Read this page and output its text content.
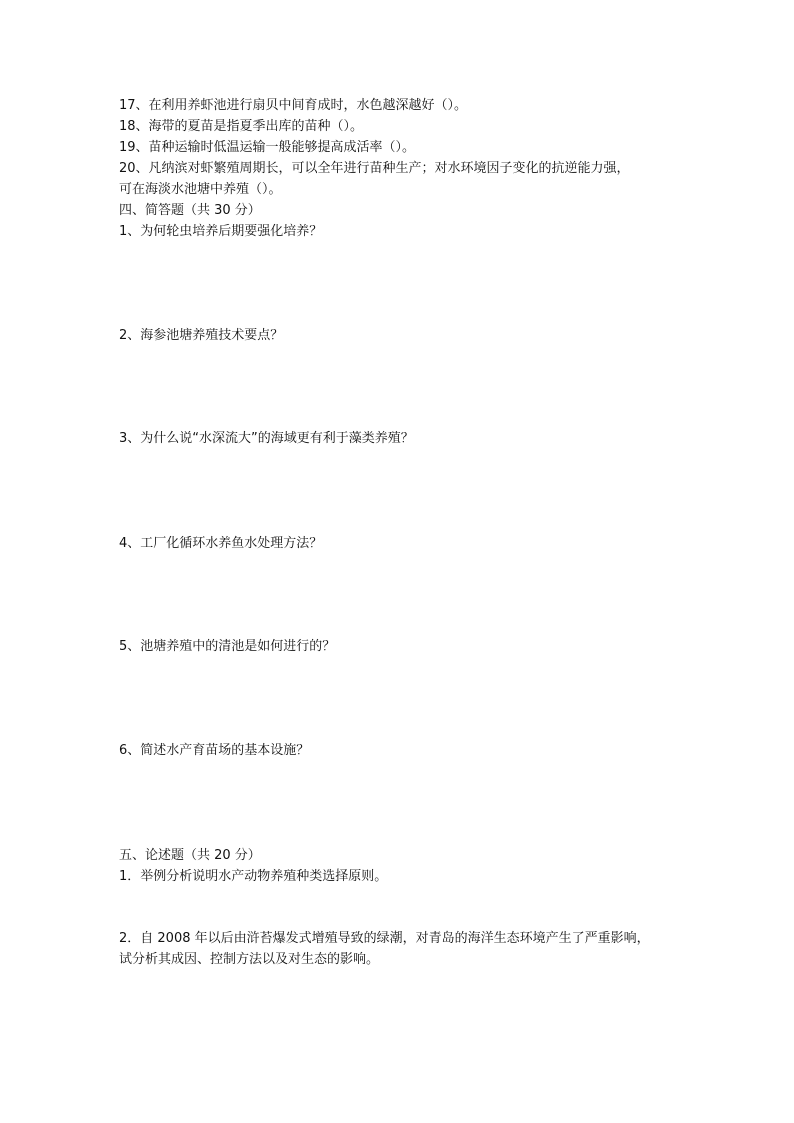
17、在利用养虾池进行扇贝中间育成时，水色越深越好（）。
18、海带的夏苗是指夏季出库的苗种（）。
19、苗种运输时低温运输一般能够提高成活率（）。
20、凡纳滨对虾繁殖周期长，可以全年进行苗种生产；对水环境因子变化的抗逆能力强，
可在海淡水池塘中养殖（）。
四、简答题（共 30 分）
1、为何轮虫培养后期要强化培养？
2、海参池塘养殖技术要点？
3、为什么说“水深流大”的海域更有利于藻类养殖？
4、工厂化循环水养鱼水处理方法？
5、池塘养殖中的清池是如何进行的？
6、简述水产育苗场的基本设施？
五、论述题（共 20 分）
1．举例分析说明水产动物养殖种类选择原则。
2．自 2008 年以后由浒苔爆发式增殖导致的绿潮，对青岛的海洋生态环境产生了严重影响，
试分析其成因、控制方法以及对生态的影响。
